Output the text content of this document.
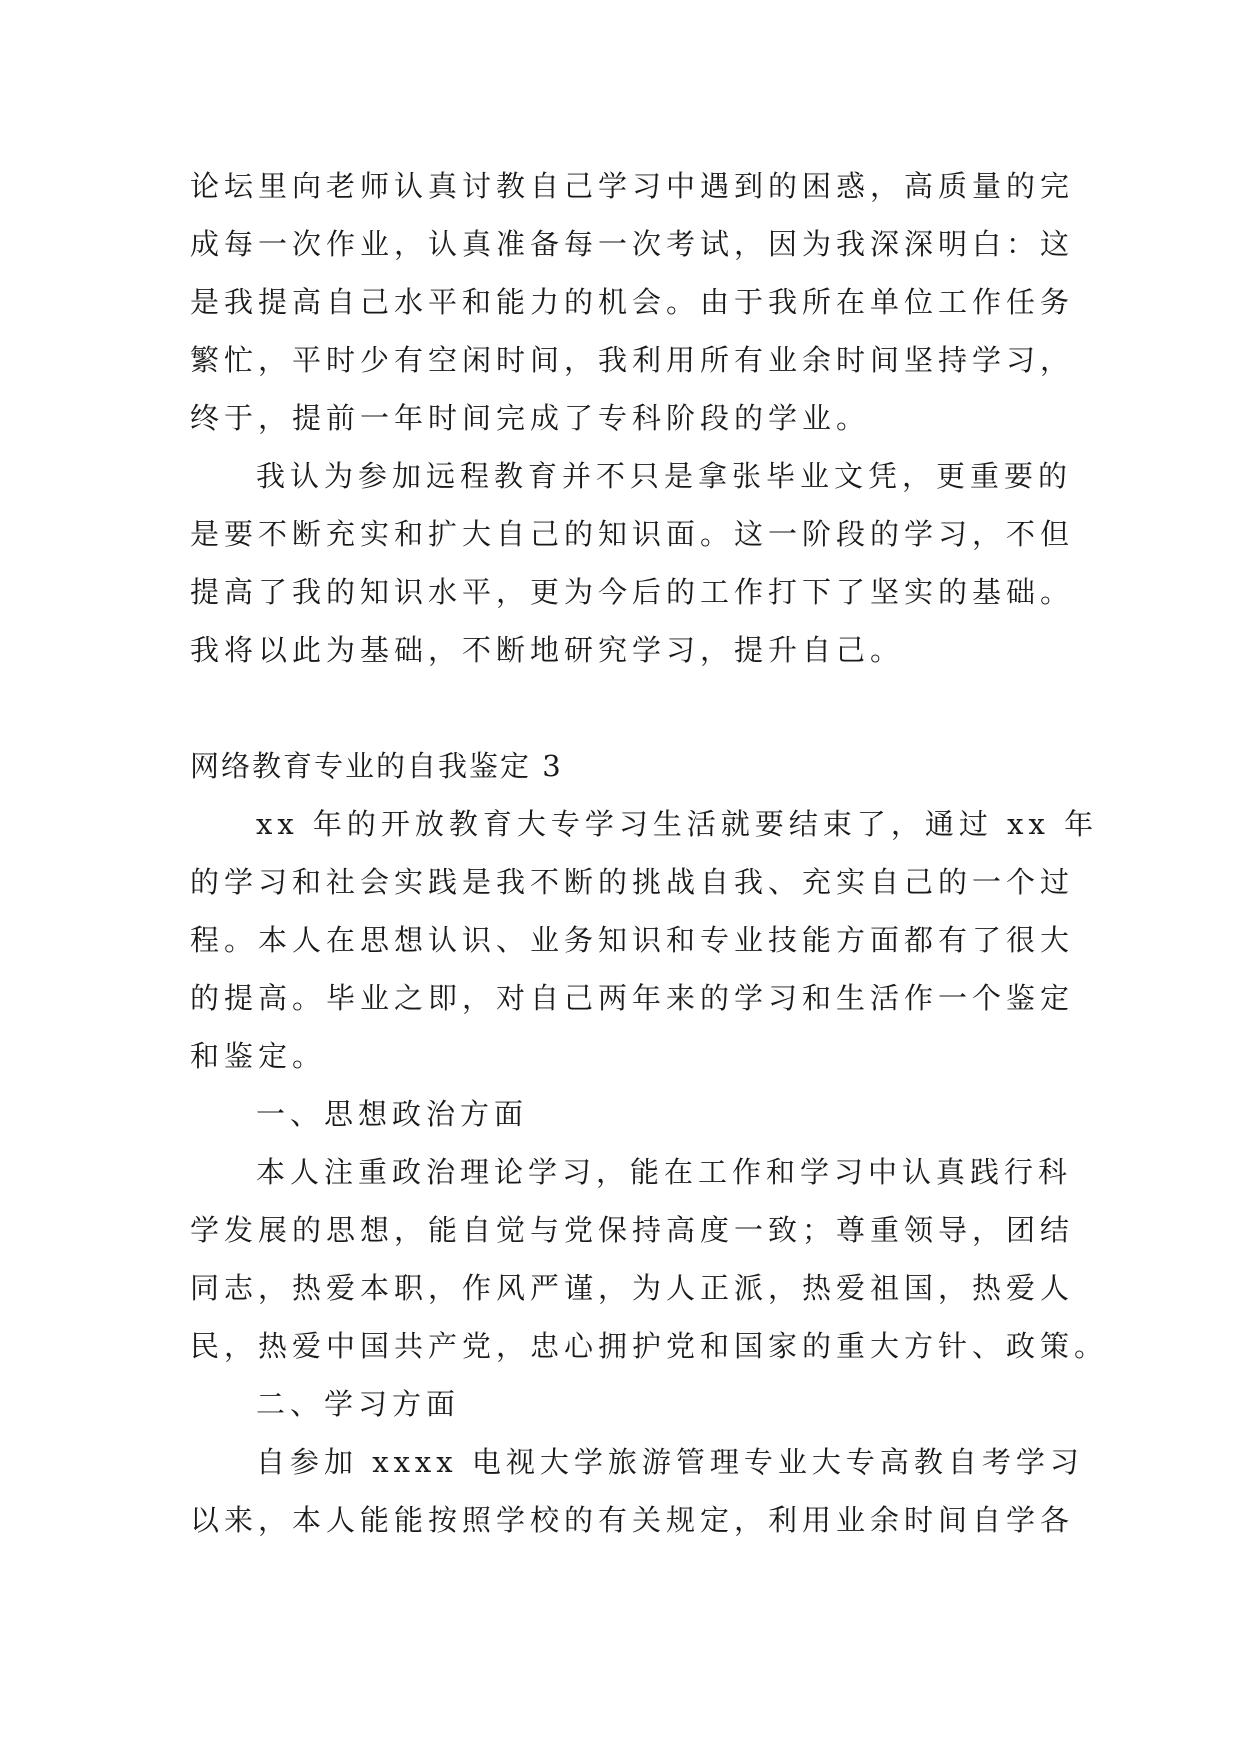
论坛里向老师认真讨教自己学习中遇到的困惑，高质量的完
成每一次作业，认真准备每一次考试，因为我深深明白：这
是我提高自己水平和能力的机会。由于我所在单位工作任务
繁忙，平时少有空闲时间，我利用所有业余时间坚持学习，
终于，提前一年时间完成了专科阶段的学业。
我认为参加远程教育并不只是拿张毕业文凭，更重要的
是要不断充实和扩大自己的知识面。这一阶段的学习，不但
提高了我的知识水平，更为今后的工作打下了坚实的基础。
我将以此为基础，不断地研究学习，提升自己。
网络教育专业的自我鉴定 3
xx 年的开放教育大专学习生活就要结束了，通过 xx 年
的学习和社会实践是我不断的挑战自我、充实自己的一个过
程。本人在思想认识、业务知识和专业技能方面都有了很大
的提高。毕业之即，对自己两年来的学习和生活作一个鉴定
和鉴定。
一、思想政治方面
本人注重政治理论学习，能在工作和学习中认真践行科
学发展的思想，能自觉与党保持高度一致；尊重领导，团结
同志，热爱本职，作风严谨，为人正派，热爱祖国，热爱人
民，热爱中国共产党，忠心拥护党和国家的重大方针、政策。
二、学习方面
自参加 xxxx 电视大学旅游管理专业大专高教自考学习
以来，本人能能按照学校的有关规定，利用业余时间自学各
